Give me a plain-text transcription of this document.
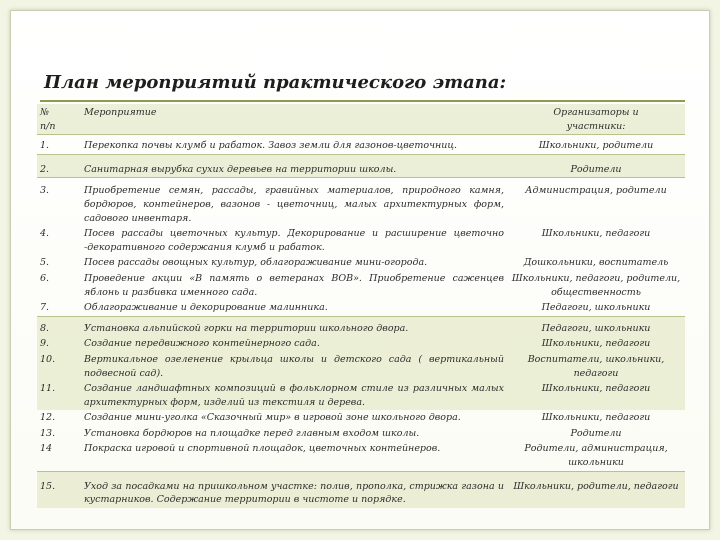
План мероприятий практического этапа:
№
п/п	Мероприятие	Организаторы и
участники:

1.	Перекопка почвы клумб и рабаток. Завоз земли для газонов-цветочниц.	Школьники, родители
2.	Санитарная вырубка сухих деревьев на территории школы.	Родители
3.	Приобретение семян, рассады, гравийных материалов, природного камня, бордюров, контейнеров, вазонов - цветочниц, малых архитектурных форм, садового инвентаря.	Администрация, родители
4.	Посев рассады цветочных культур. Декорирование и расширение цветочно -декоративного содержания клумб и рабаток.	Школьники, педагоги
5.	Посев рассады овощных культур, облагораживание мини-огорода.	Дошкольники, воспитатель
6.	Проведение акции «В память о ветеранах ВОВ». Приобретение саженцев яблонь и разбивка именного сада.	Школьники, педагоги, родители, общественность
7.	Облагораживание и декорирование малинника.	Педагоги, школьники
8.	Установка альпийской горки на территории школьного двора.	Педагоги, школьники
9.	Создание передвижного контейнерного сада.	Школьники, педагоги
10.	Вертикальное озеленение крыльца школы и детского сада ( вертикальный подвесной сад).	Воспитатели, школьники, педагоги
11.	Создание ландшафтных композиций в фольклорном стиле из различных малых архитектурных форм, изделий из текстиля и дерева.	Школьники, педагоги
12.	Создание мини-уголка «Сказочный мир» в игровой зоне школьного двора.	Школьники, педагоги
13.	Установка бордюров на площадке перед главным входом школы.	Родители
14	Покраска игровой и спортивной площадок, цветочных контейнеров.	Родители, администрация, школьники
15.	Уход за посадками на пришкольном участке: полив, прополка, стрижка газона и кустарников. Содержание территории в чистоте и порядке.	Школьники, родители, педагоги
